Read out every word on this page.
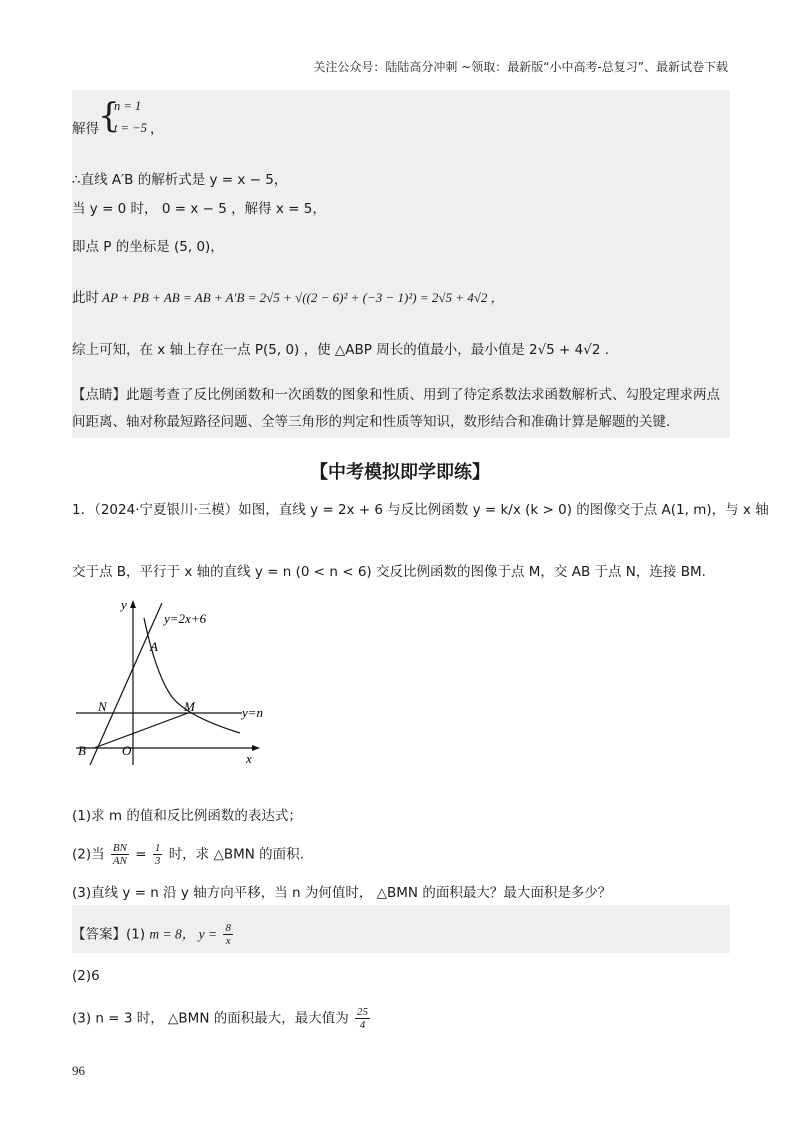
关注公众号：陆陆高分冲刺 ~领取：最新版“小中高考-总复习”、最新试卷下载
{
n = 1
t = −5
解得	，
∴直线 A′B 的解析式是 y = x − 5，
当 y = 0 时， 0 = x − 5 ，解得 x = 5，
即点 P 的坐标是 (5, 0)，
此时 AP + PB + AB = AB + A′B = 2√5 + √((2 − 6)² + (−3 − 1)²) = 2√5 + 4√2 ，
综上可知，在 x 轴上存在一点 P(5, 0) ，使 △ABP 周长的值最小，最小值是 2√5 + 4√2 .
【点睛】此题考查了反比例函数和一次函数的图象和性质、用到了待定系数法求函数解析式、勾股定理求两点间距离、轴对称最短路径问题、全等三角形的判定和性质等知识，数形结合和准确计算是解题的关键.
【中考模拟即学即练】
1．（2024·宁夏银川·三模）如图，直线 y = 2x + 6 与反比例函数 y = k/x (k > 0) 的图像交于点 A(1, m)，与 x 轴
交于点 B，平行于 x 轴的直线 y = n (0 < n < 6) 交反比例函数的图像于点 M，交 AB 于点 N，连接 BM.
y
x
y=2x+6
A
N	M	y=n
B	O
(1)求 m 的值和反比例函数的表达式；
(2)当 $\frac{BN}{AN} = \frac{1}{3}$ 时，求 △BMN 的面积.
(3)直线 y = n 沿 y 轴方向平移，当 n 为何值时， △BMN 的面积最大？最大面积是多少？
【答案】(1) m = 8， $y = \frac{8}{x}$
(2)6
(3) n = 3 时， △BMN 的面积最大，最大值为 $\frac{25}{4}$
96
